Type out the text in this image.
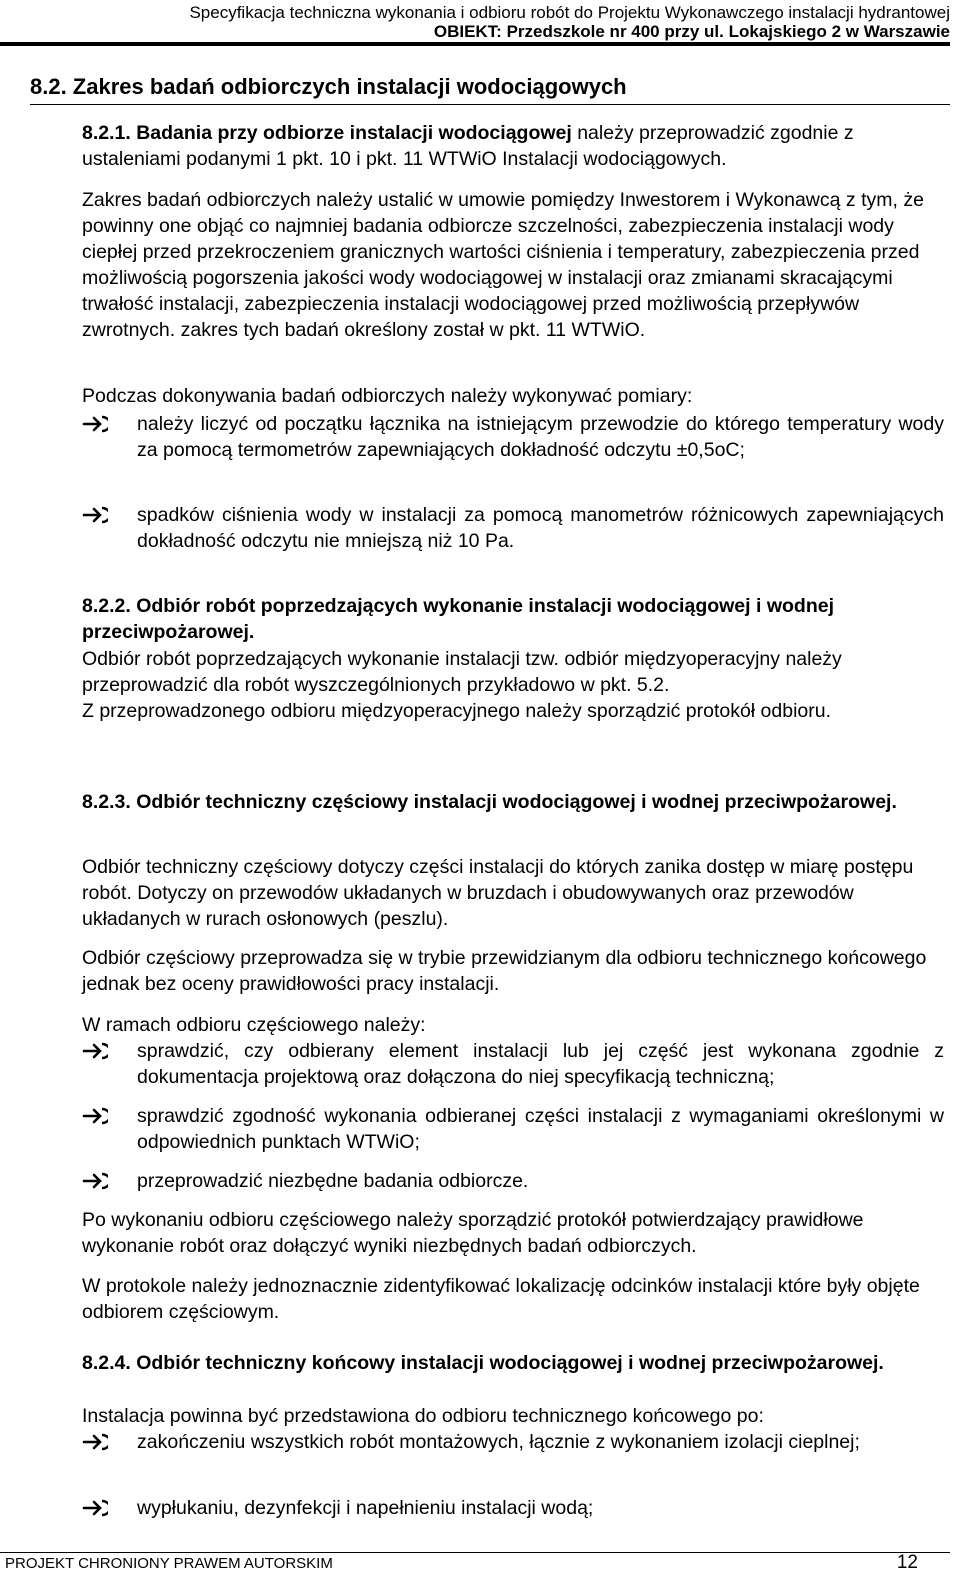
Specyfikacja techniczna wykonania i odbioru robót do Projektu Wykonawczego instalacji hydrantowej
OBIEKT: Przedszkole nr 400 przy ul. Lokajskiego 2 w Warszawie
8.2. Zakres badań odbiorczych instalacji wodociągowych
8.2.1. Badania przy odbiorze instalacji wodociągowej należy przeprowadzić zgodnie z ustaleniami podanymi 1 pkt. 10 i pkt. 11 WTWiO Instalacji wodociągowych.
Zakres badań odbiorczych należy ustalić w umowie pomiędzy Inwestorem i Wykonawcą z tym, że powinny one objąć co najmniej badania odbiorcze szczelności, zabezpieczenia instalacji wody ciepłej przed przekroczeniem granicznych wartości ciśnienia i temperatury, zabezpieczenia przed możliwością pogorszenia jakości wody wodociągowej w instalacji oraz zmianami skracającymi trwałość instalacji, zabezpieczenia instalacji wodociągowej przed możliwością przepływów zwrotnych. zakres tych badań określony został w pkt. 11 WTWiO.
Podczas dokonywania badań odbiorczych należy wykonywać pomiary:
należy liczyć od początku łącznika na istniejącym przewodzie do którego temperatury wody za pomocą termometrów zapewniających dokładność odczytu ±0,5oC;
spadków ciśnienia wody w instalacji za pomocą manometrów różnicowych zapewniających dokładność odczytu nie mniejszą niż 10 Pa.
8.2.2. Odbiór robót poprzedzających wykonanie instalacji wodociągowej i wodnej przeciwpożarowej.
Odbiór robót poprzedzających wykonanie instalacji tzw. odbiór międzyoperacyjny należy przeprowadzić dla robót wyszczególnionych przykładowo w pkt. 5.2.
Z przeprowadzonego odbioru międzyoperacyjnego należy sporządzić protokół odbioru.
8.2.3. Odbiór techniczny częściowy instalacji wodociągowej i wodnej przeciwpożarowej.
Odbiór techniczny częściowy dotyczy części instalacji do których zanika dostęp w miarę postępu robót. Dotyczy on przewodów układanych w bruzdach i obudowywanych oraz przewodów układanych w rurach osłonowych (peszlu).
Odbiór częściowy przeprowadza się w trybie przewidzianym dla odbioru technicznego końcowego jednak bez oceny prawidłowości pracy instalacji.
W ramach odbioru częściowego należy:
sprawdzić, czy odbierany element instalacji lub jej część jest wykonana zgodnie z dokumentacja projektową oraz dołączona do niej specyfikacją techniczną;
sprawdzić zgodność wykonania odbieranej części instalacji z wymaganiami określonymi w odpowiednich punktach WTWiO;
przeprowadzić niezbędne badania odbiorcze.
Po wykonaniu odbioru częściowego należy sporządzić protokół potwierdzający prawidłowe wykonanie robót oraz dołączyć wyniki niezbędnych badań odbiorczych.
W protokole należy jednoznacznie zidentyfikować lokalizację odcinków instalacji które były objęte odbiorem częściowym.
8.2.4. Odbiór techniczny końcowy instalacji wodociągowej i wodnej przeciwpożarowej.
Instalacja powinna być przedstawiona do odbioru technicznego końcowego po:
zakończeniu wszystkich robót montażowych, łącznie z wykonaniem izolacji cieplnej;
wypłukaniu, dezynfekcji i napełnieniu instalacji wodą;
PROJEKT CHRONIONY PRAWEM AUTORSKIM	12
